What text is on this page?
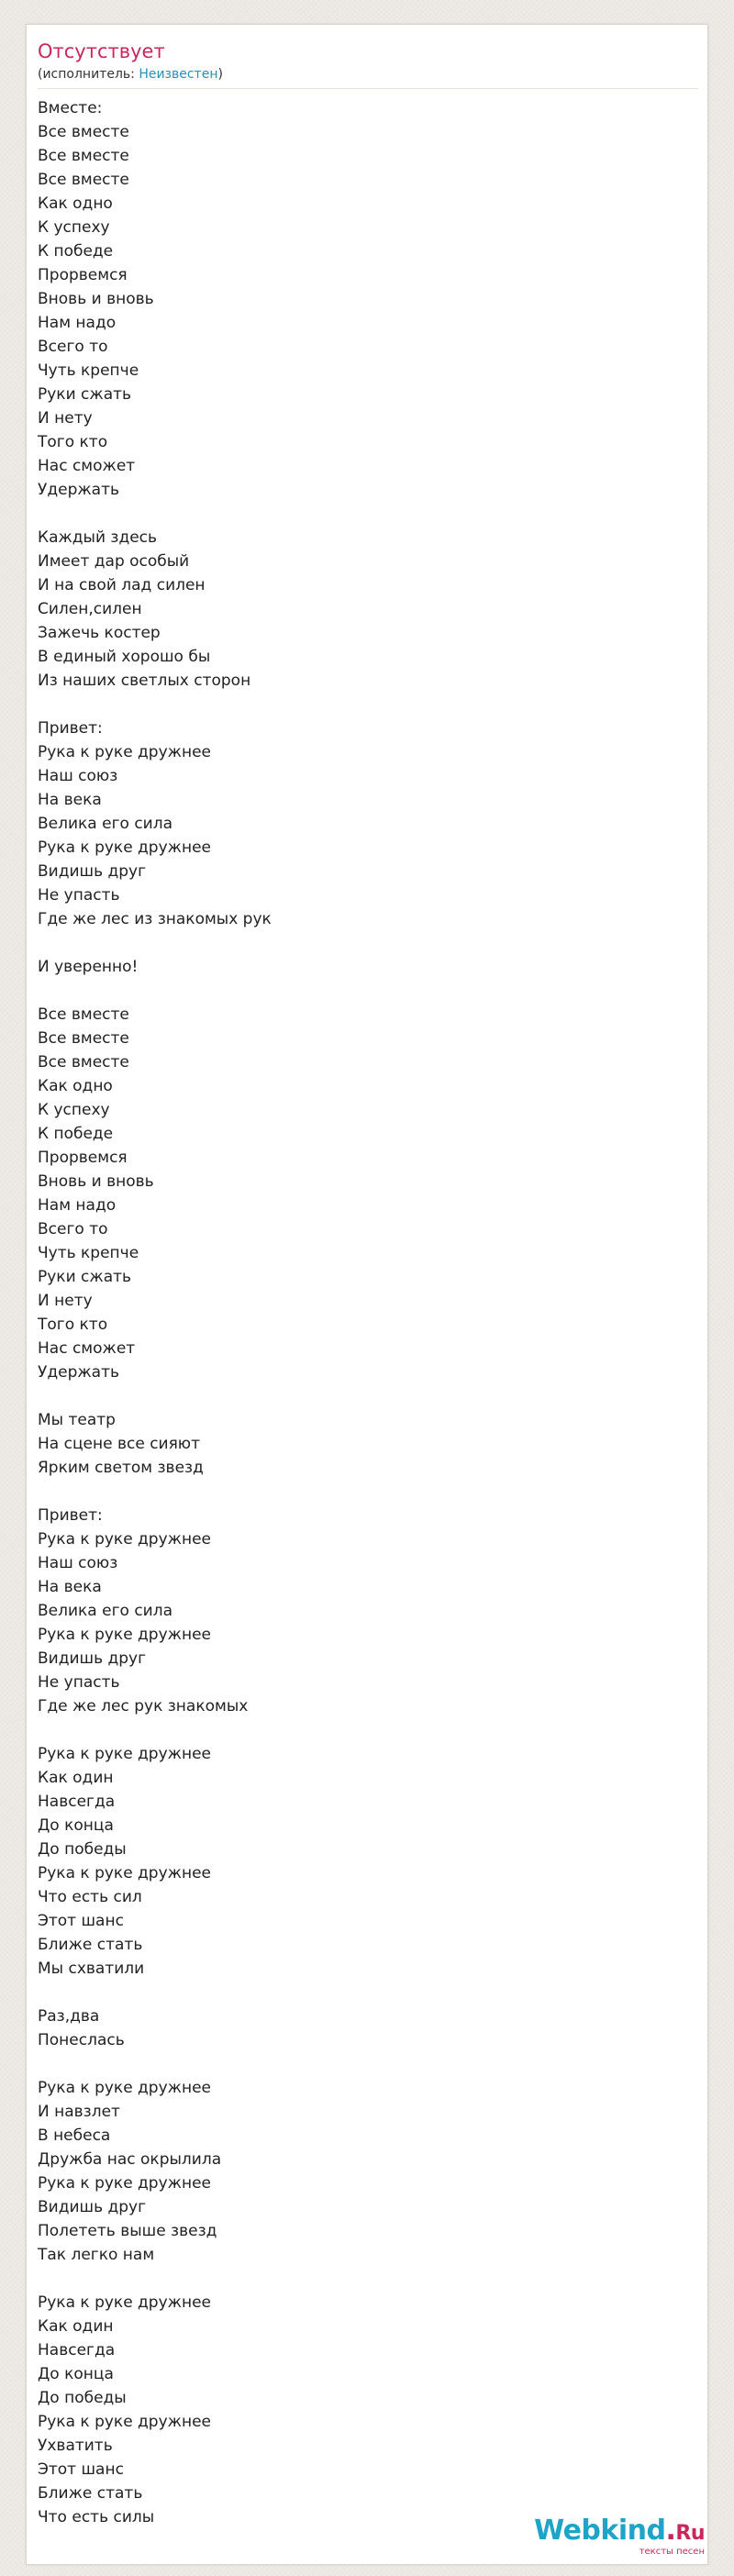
Отсутствует
(исполнитель: Неизвестен)
Вместе:
Все вместе
Все вместе
Все вместе
Как одно
К успеху
К победе
Прорвемся
Вновь и вновь
Нам надо
Всего то
Чуть крепче
Руки сжать
И нету
Того кто
Нас сможет
Удержать

Каждый здесь
Имеет дар особый
И на свой лад силен
Силен,силен
Зажечь костер
В единый хорошо бы
Из наших светлых сторон

Привет:
Рука к руке дружнее
Наш союз
На века
Велика его сила
Рука к руке дружнее
Видишь друг
Не упасть
Где же лес из знакомых рук

И уверенно!

Все вместе
Все вместе
Все вместе
Как одно
К успеху
К победе
Прорвемся
Вновь и вновь
Нам надо
Всего то
Чуть крепче
Руки сжать
И нету
Того кто
Нас сможет
Удержать

Мы театр
На сцене все сияют
Ярким светом звезд

Привет:
Рука к руке дружнее
Наш союз
На века
Велика его сила
Рука к руке дружнее
Видишь друг
Не упасть
Где же лес рук знакомых

Рука к руке дружнее
Как один
Навсегда
До конца
До победы
Рука к руке дружнее
Что есть сил
Этот шанс
Ближе стать
Мы схватили

Раз,два
Понеслась

Рука к руке дружнее
И навзлет
В небеса
Дружба нас окрылила
Рука к руке дружнее
Видишь друг
Полететь выше звезд
Так легко нам

Рука к руке дружнее
Как один
Навсегда
До конца
До победы
Рука к руке дружнее
Ухватить
Этот шанс
Ближе стать
Что есть силы	Webkind.Ru
тексты песен
